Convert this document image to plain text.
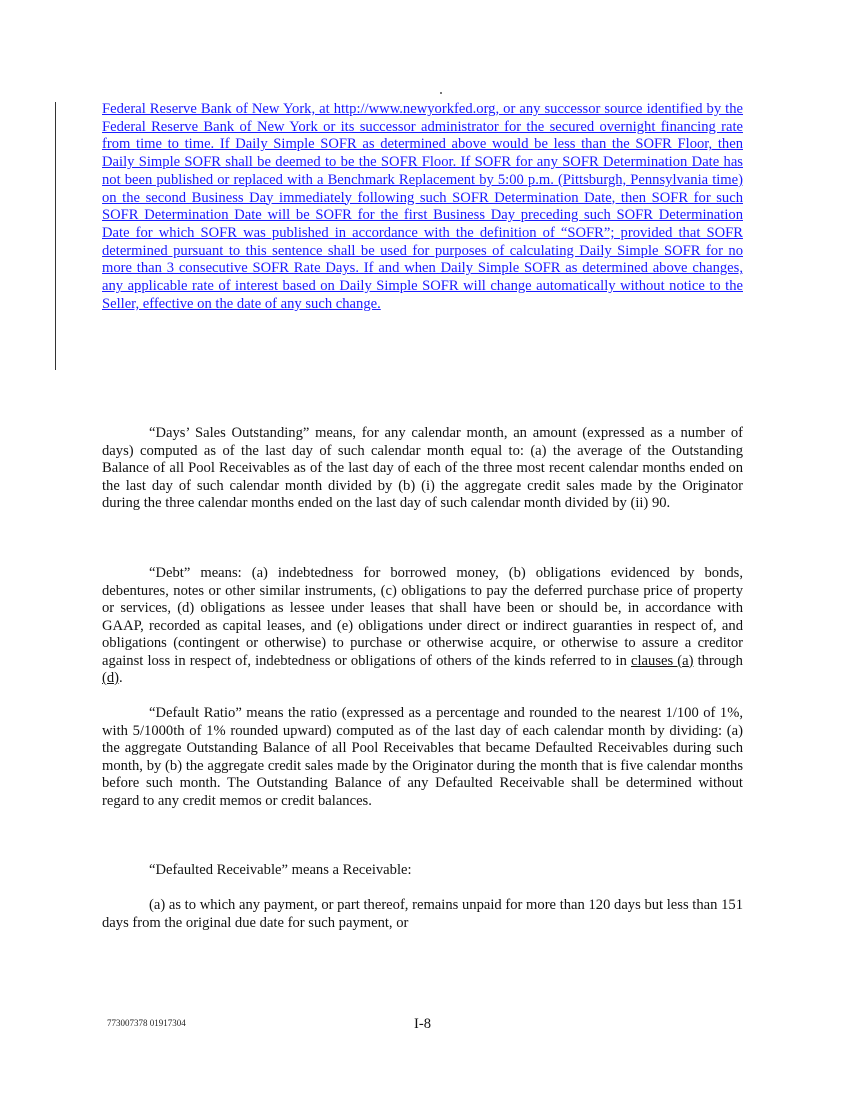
Federal Reserve Bank of New York, at http://www.newyorkfed.org, or any successor source identified by the Federal Reserve Bank of New York or its successor administrator for the secured overnight financing rate from time to time. If Daily Simple SOFR as determined above would be less than the SOFR Floor, then Daily Simple SOFR shall be deemed to be the SOFR Floor. If SOFR for any SOFR Determination Date has not been published or replaced with a Benchmark Replacement by 5:00 p.m. (Pittsburgh, Pennsylvania time) on the second Business Day immediately following such SOFR Determination Date, then SOFR for such SOFR Determination Date will be SOFR for the first Business Day preceding such SOFR Determination Date for which SOFR was published in accordance with the definition of “SOFR”; provided that SOFR determined pursuant to this sentence shall be used for purposes of calculating Daily Simple SOFR for no more than 3 consecutive SOFR Rate Days. If and when Daily Simple SOFR as determined above changes, any applicable rate of interest based on Daily Simple SOFR will change automatically without notice to the Seller, effective on the date of any such change.

“Days’ Sales Outstanding” means, for any calendar month, an amount (expressed as a number of days) computed as of the last day of such calendar month equal to: (a) the average of the Outstanding Balance of all Pool Receivables as of the last day of each of the three most recent calendar months ended on the last day of such calendar month divided by (b) (i) the aggregate credit sales made by the Originator during the three calendar months ended on the last day of such calendar month divided by (ii) 90.

“Debt” means: (a) indebtedness for borrowed money, (b) obligations evidenced by bonds, debentures, notes or other similar instruments, (c) obligations to pay the deferred purchase price of property or services, (d) obligations as lessee under leases that shall have been or should be, in accordance with GAAP, recorded as capital leases, and (e) obligations under direct or indirect guaranties in respect of, and obligations (contingent or otherwise) to purchase or otherwise acquire, or otherwise to assure a creditor against loss in respect of, indebtedness or obligations of others of the kinds referred to in clauses (a) through (d).

“Default Ratio” means the ratio (expressed as a percentage and rounded to the nearest 1/100 of 1%, with 5/1000th of 1% rounded upward) computed as of the last day of each calendar month by dividing: (a) the aggregate Outstanding Balance of all Pool Receivables that became Defaulted Receivables during such month, by (b) the aggregate credit sales made by the Originator during the month that is five calendar months before such month. The Outstanding Balance of any Defaulted Receivable shall be determined without regard to any credit memos or credit balances.

“Defaulted Receivable” means a Receivable:

(a) as to which any payment, or part thereof, remains unpaid for more than 120 days but less than 151 days from the original due date for such payment, or

773007378 01917304	I-8
